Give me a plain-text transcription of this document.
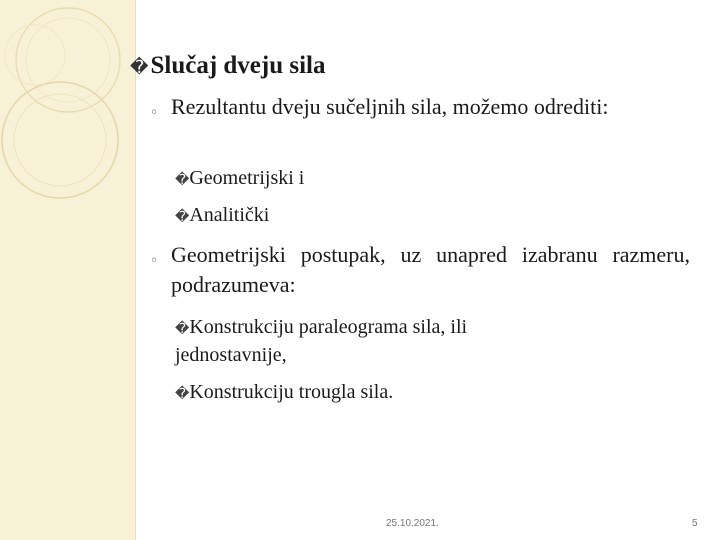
�Slučaj dveju sila
◦ Rezultantu dveju sučeljnih sila, možemo odrediti:
�Geometrijski i
�Analitički
◦ Geometrijski postupak, uz unapred izabranu razmeru, podrazumeva:
�Konstrukciju paraleograma sila, ili jednostavnije,
�Konstrukciju trougla sila.
25.10.2021.	5
